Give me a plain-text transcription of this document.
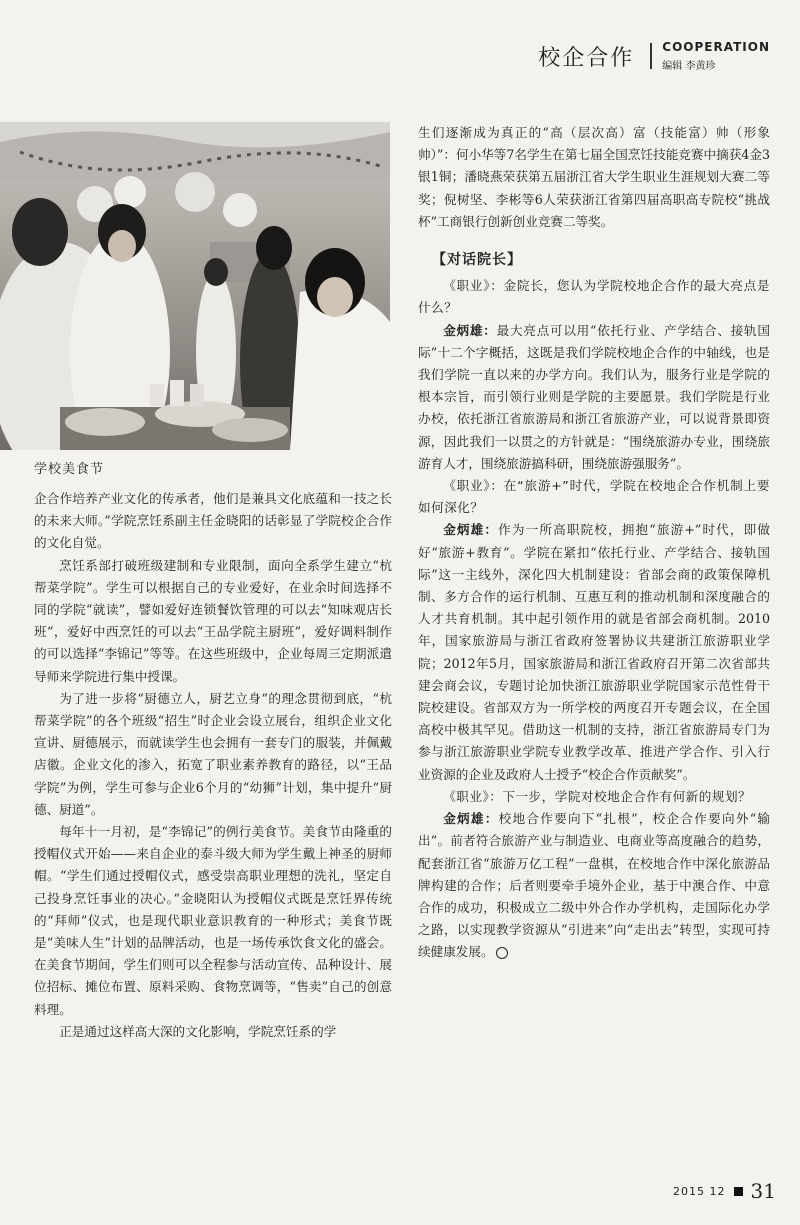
校企合作 COOPERATION
编辑 李黄珍
学校美食节

企合作培养产业文化的传承者，他们是兼具文化底蕴和一技之长的未来大师。”学院烹饪系副主任金晓阳的话彰显了学院校企合作的文化自觉。

烹饪系部打破班级建制和专业限制，面向全系学生建立“杭帮菜学院”。学生可以根据自己的专业爱好，在业余时间选择不同的学院“就读”，譬如爱好连锁餐饮管理的可以去“知味观店长班”，爱好中西烹饪的可以去“王品学院主厨班”，爱好调料制作的可以选择“李锦记”等等。在这些班级中，企业每周三定期派遣导师来学院进行集中授课。

为了进一步将“厨德立人，厨艺立身”的理念贯彻到底，“杭帮菜学院”的各个班级“招生”时企业会设立展台，组织企业文化宣讲、厨德展示，而就读学生也会拥有一套专门的服装，并佩戴店徽。企业文化的渗入，拓宽了职业素养教育的路径，以“王品学院”为例，学生可参与企业6个月的“幼狮”计划，集中提升“厨德、厨道”。

每年十一月初，是“李锦记”的例行美食节。美食节由隆重的授帽仪式开始——来自企业的泰斗级大师为学生戴上神圣的厨师帽。“学生们通过授帽仪式，感受崇高职业理想的洗礼，坚定自己投身烹饪事业的决心。”金晓阳认为授帽仪式既是烹饪界传统的“拜师”仪式，也是现代职业意识教育的一种形式；美食节既是“美味人生”计划的品牌活动，也是一场传承饮食文化的盛会。在美食节期间，学生们则可以全程参与活动宣传、品种设计、展位招标、摊位布置、原料采购、食物烹调等，“售卖”自己的创意料理。

正是通过这样高大深的文化影响，学院烹饪系的学

生们逐渐成为真正的“高（层次高）富（技能富）帅（形象帅）”：何小华等7名学生在第七届全国烹饪技能竞赛中摘获4金3银1铜；潘晓燕荣获第五届浙江省大学生职业生涯规划大赛二等奖；倪树坚、李彬等6人荣获浙江省第四届高职高专院校“挑战杯”工商银行创新创业竞赛二等奖。

【对话院长】

《职业》：金院长，您认为学院校地企合作的最大亮点是什么？

金炳雄：最大亮点可以用“依托行业、产学结合、接轨国际”十二个字概括，这既是我们学院校地企合作的中轴线，也是我们学院一直以来的办学方向。我们认为，服务行业是学院的根本宗旨，而引领行业则是学院的主要愿景。我们学院是行业办校，依托浙江省旅游局和浙江省旅游产业，可以说背景即资源，因此我们一以贯之的方针就是：“围绕旅游办专业，围绕旅游育人才，围绕旅游搞科研，围绕旅游强服务”。

《职业》：在“旅游+”时代，学院在校地企合作机制上要如何深化？

金炳雄：作为一所高职院校，拥抱“旅游+”时代，即做好“旅游+教育”。学院在紧扣“依托行业、产学结合、接轨国际”这一主线外，深化四大机制建设：省部会商的政策保障机制、多方合作的运行机制、互惠互利的推动机制和深度融合的人才共育机制。其中起引领作用的就是省部会商机制。2010年，国家旅游局与浙江省政府签署协议共建浙江旅游职业学院；2012年5月，国家旅游局和浙江省政府召开第二次省部共建会商会议，专题讨论加快浙江旅游职业学院国家示范性骨干院校建设。省部双方为一所学校的两度召开专题会议，在全国高校中极其罕见。借助这一机制的支持，浙江省旅游局专门为参与浙江旅游职业学院专业教学改革、推进产学合作、引入行业资源的企业及政府人士授予“校企合作贡献奖”。

《职业》：下一步，学院对校地企合作有何新的规划？

金炳雄：校地合作要向下“扎根”，校企合作要向外“输出”。前者符合旅游产业与制造业、电商业等高度融合的趋势，配套浙江省“旅游万亿工程”一盘棋，在校地合作中深化旅游品牌构建的合作；后者则要牵手境外企业，基于中澳合作、中意合作的成功，积极成立二级中外合作办学机构，走国际化办学之路，以实现教学资源从“引进来”向“走出去”转型，实现可持续健康发展。

2015 12 31
